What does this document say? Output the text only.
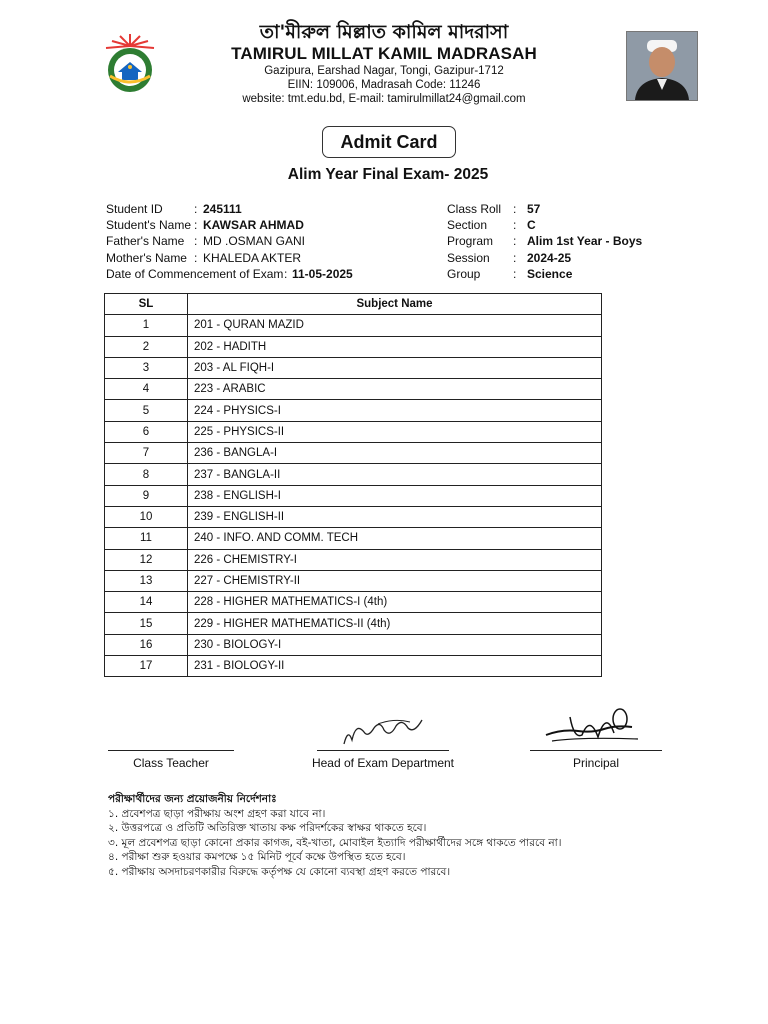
তা'মীরুল মিল্লাত কামিল মাদরাসা
TAMIRUL MILLAT KAMIL MADRASAH
Gazipura, Earshad Nagar, Tongi, Gazipur-1712
EIIN: 109006, Madrasah Code: 11246
website: tmt.edu.bd, E-mail: tamirulmillat24@gmail.com
Admit Card
Alim Year Final Exam- 2025
Student ID	: 245111
Student's Name : KAWSAR AHMAD
Father's Name : MD .OSMAN GANI
Mother's Name : KHALEDA AKTER
Date of Commencement of Exam : 11-05-2025
Class Roll : 57
Section : C
Program : Alim 1st Year - Boys
Session : 2024-25
Group	: Science
SL	Subject Name
1	201 - QURAN MAZID
2	202 - HADITH
3	203 - AL FIQH-I
4	223 - ARABIC
5	224 - PHYSICS-I
6	225 - PHYSICS-II
7	236 - BANGLA-I
8	237 - BANGLA-II
9	238 - ENGLISH-I
10	239 - ENGLISH-II
11	240 - INFO. AND COMM. TECH
12	226 - CHEMISTRY-I
13	227 - CHEMISTRY-II
14	228 - HIGHER MATHEMATICS-I (4th)
15	229 - HIGHER MATHEMATICS-II (4th)
16	230 - BIOLOGY-I
17	231 - BIOLOGY-II
Class Teacher	Head of Exam Department	Principal
পরীক্ষার্থীদের জন্য প্রয়োজনীয় নির্দেশনাঃ
১. প্রবেশপত্র ছাড়া পরীক্ষায় অংশ গ্রহণ করা যাবে না।
২. উত্তরপত্রে ও প্রতিটি অতিরিক্ত খাতায় কক্ষ পরিদর্শকের স্বাক্ষর থাকতে হবে।
৩. মূল প্রবেশপত্র ছাড়া কোনো প্রকার কাগজ, বই-খাতা, মোবাইল ইত্যাদি পরীক্ষার্থীদের সঙ্গে থাকতে পারবে না।
৪. পরীক্ষা শুরু হওয়ার কমপক্ষে ১৫ মিনিট পূর্বে কক্ষে উপস্থিত হতে হবে।
৫. পরীক্ষায় অসদাচরণকারীর বিরুদ্ধে কর্তৃপক্ষ যে কোনো ব্যবস্থা গ্রহণ করতে পারবে।
